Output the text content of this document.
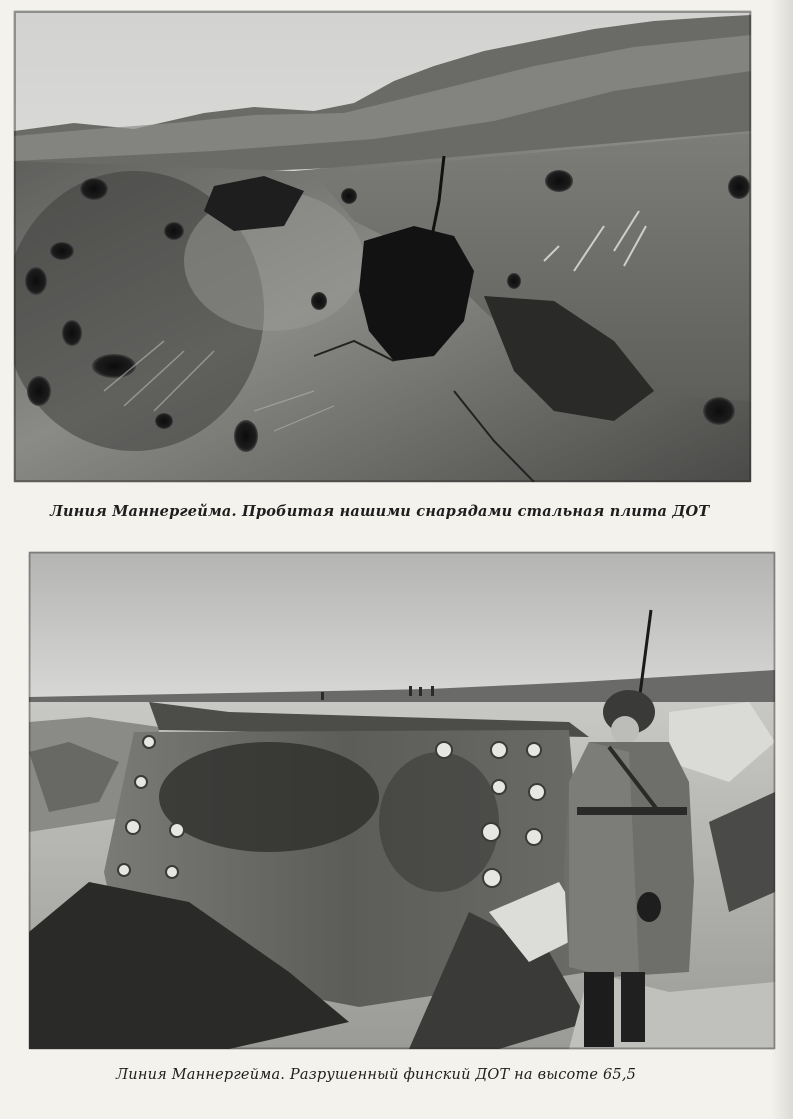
Линия Маннергейма. Пробитая нашими снарядами стальная плита ДОТ

Линия Маннергейма. Разрушенный финский ДОТ на высоте 65,5
